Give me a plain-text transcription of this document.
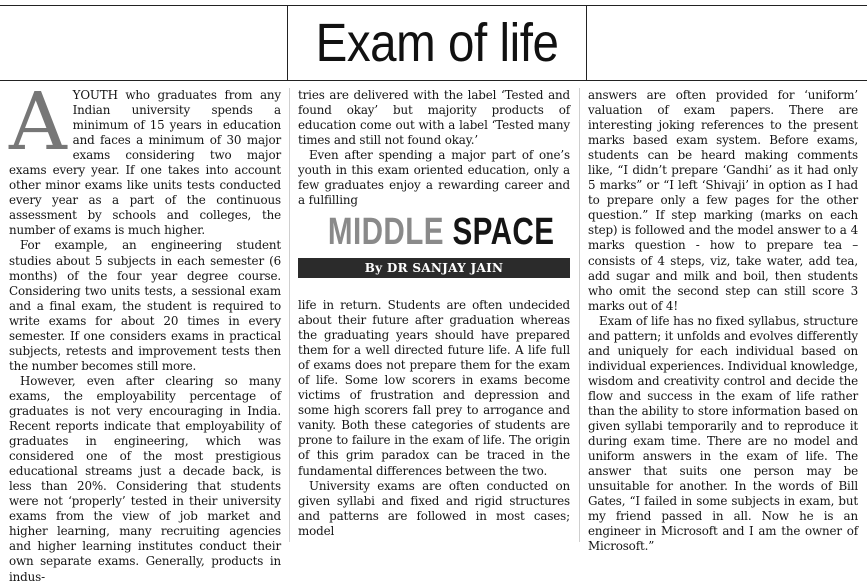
Exam of life

AYOUTH who graduates from any Indian university spends a minimum of 15 years in education and faces a minimum of 30 major exams considering two major exams every year. If one takes into account other minor exams like units tests conducted every year as a part of the continuous assessment by schools and colleges, the number of exams is much higher.

For example, an engineering student studies about 5 subjects in each semester (6 months) of the four year degree course. Considering two units tests, a sessional exam and a final exam, the student is required to write exams for about 20 times in every semester. If one considers exams in practical subjects, retests and improvement tests then the number becomes still more.

However, even after clearing so many exams, the employability percentage of graduates is not very encouraging in India. Recent reports indicate that employability of graduates in engineering, which was considered one of the most prestigious educational streams just a decade back, is less than 20%. Considering that students were not ‘properly’ tested in their university exams from the view of job market and higher learning, many recruiting agencies and higher learning institutes conduct their own separate exams. Generally, products in indus-

tries are delivered with the label ‘Tested and found okay’ but majority products of education come out with a label ‘Tested many times and still not found okay.’

Even after spending a major part of one’s youth in this exam oriented education, only a few graduates enjoy a rewarding career and a fulfilling

MIDDLE SPACE
By DR SANJAY JAIN

life in return. Students are often undecided about their future after graduation whereas the graduating years should have prepared them for a well directed future life. A life full of exams does not prepare them for the exam of life. Some low scorers in exams become victims of frustration and depression and some high scorers fall prey to arrogance and vanity. Both these categories of students are prone to failure in the exam of life. The origin of this grim paradox can be traced in the fundamental differences between the two.

University exams are often conducted on given syllabi and fixed and rigid structures and patterns are followed in most cases; model

answers are often provided for ‘uniform’ valuation of exam papers. There are interesting joking references to the present marks based exam system. Before exams, students can be heard making comments like, “I didn’t prepare ‘Gandhi’ as it had only 5 marks” or “I left ‘Shivaji’ in option as I had to prepare only a few pages for the other question.” If step marking (marks on each step) is followed and the model answer to a 4 marks question - how to prepare tea – consists of 4 steps, viz, take water, add tea, add sugar and milk and boil, then students who omit the second step can still score 3 marks out of 4!

Exam of life has no fixed syllabus, structure and pattern; it unfolds and evolves differently and uniquely for each individual based on individual experiences. Individual knowledge, wisdom and creativity control and decide the flow and success in the exam of life rather than the ability to store information based on given syllabi temporarily and to reproduce it during exam time. There are no model and uniform answers in the exam of life. The answer that suits one person may be unsuitable for another. In the words of Bill Gates, “I failed in some subjects in exam, but my friend passed in all. Now he is an engineer in Microsoft and I am the owner of Microsoft.”
